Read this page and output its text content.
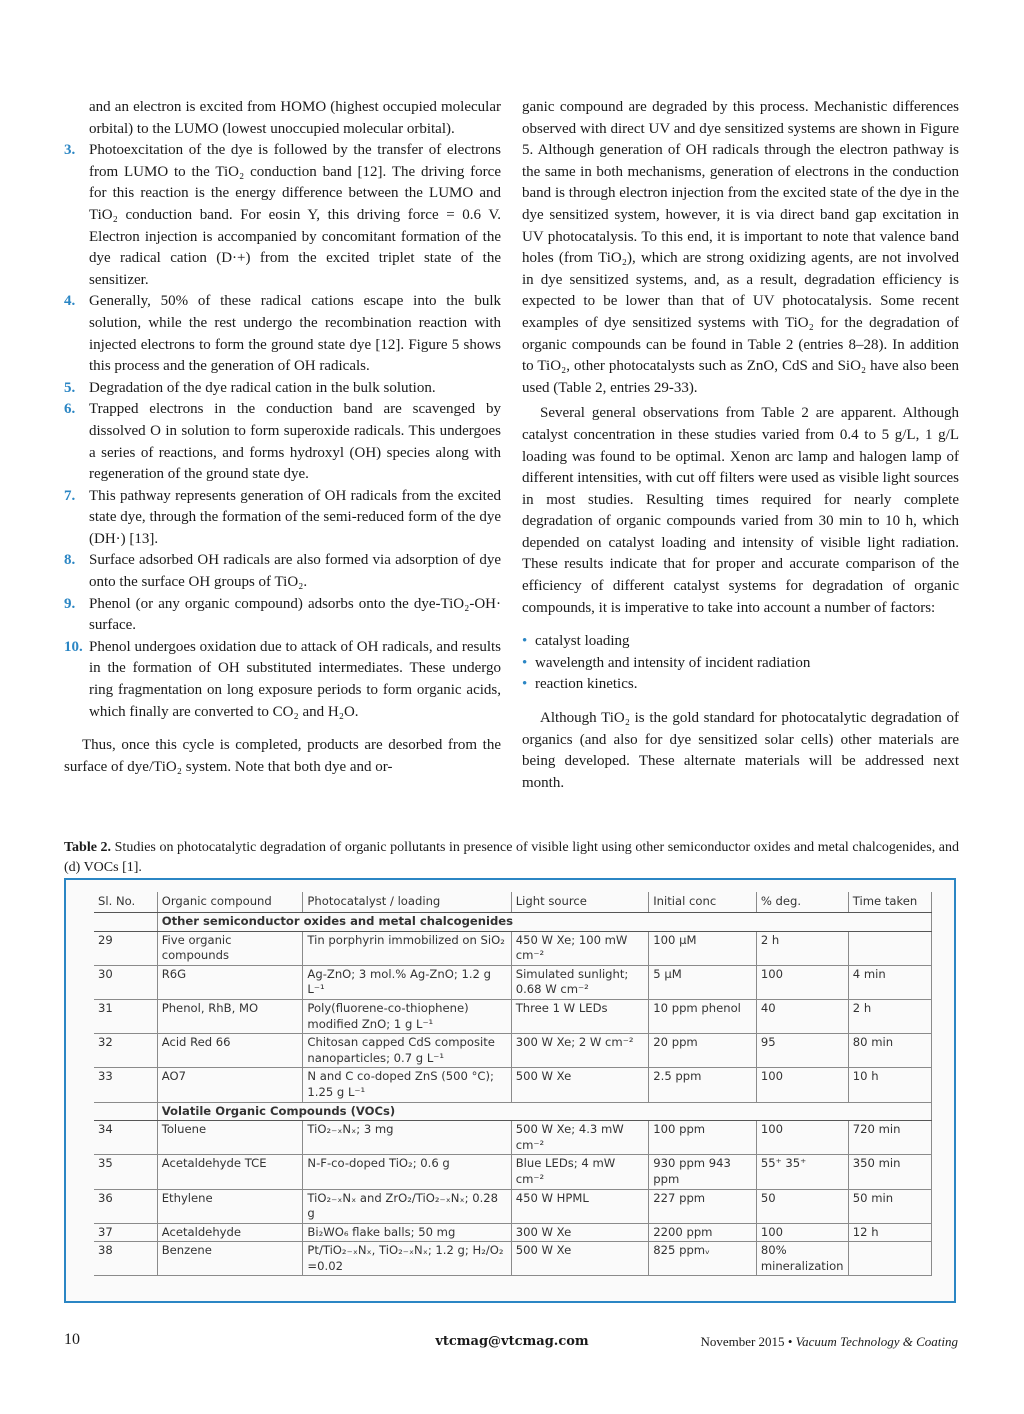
and an electron is excited from HOMO (highest occupied molecular orbital) to the LUMO (lowest unoccupied molecular orbital).
3. Photoexcitation of the dye is followed by the transfer of electrons from LUMO to the TiO₂ conduction band [12]. The driving force for this reaction is the energy difference between the LUMO and TiO₂ conduction band. For eosin Y, this driving force = 0.6 V. Electron injection is accompanied by concomitant formation of the dye radical cation (D·+) from the excited triplet state of the sensitizer.
4. Generally, 50% of these radical cations escape into the bulk solution, while the rest undergo the recombination reaction with injected electrons to form the ground state dye [12]. Figure 5 shows this process and the generation of OH radicals.
5. Degradation of the dye radical cation in the bulk solution.
6. Trapped electrons in the conduction band are scavenged by dissolved O in solution to form superoxide radicals. This undergoes a series of reactions, and forms hydroxyl (OH) species along with regeneration of the ground state dye.
7. This pathway represents generation of OH radicals from the excited state dye, through the formation of the semi-reduced form of the dye (DH·) [13].
8. Surface adsorbed OH radicals are also formed via adsorption of dye onto the surface OH groups of TiO₂.
9. Phenol (or any organic compound) adsorbs onto the dye-TiO₂-OH· surface.
10. Phenol undergoes oxidation due to attack of OH radicals, and results in the formation of OH substituted intermediates. These undergo ring fragmentation on long exposure periods to form organic acids, which finally are converted to CO₂ and H₂O.

Thus, once this cycle is completed, products are desorbed from the surface of dye/TiO₂ system. Note that both dye and or-

ganic compound are degraded by this process. Mechanistic differences observed with direct UV and dye sensitized systems are shown in Figure 5. Although generation of OH radicals through the electron pathway is the same in both mechanisms, generation of electrons in the conduction band is through electron injection from the excited state of the dye in the dye sensitized system, however, it is via direct band gap excitation in UV photocatalysis. To this end, it is important to note that valence band holes (from TiO₂), which are strong oxidizing agents, are not involved in dye sensitized systems, and, as a result, degradation efficiency is expected to be lower than that of UV photocatalysis. Some recent examples of dye sensitized systems with TiO₂ for the degradation of organic compounds can be found in Table 2 (entries 8–28). In addition to TiO₂, other photocatalysts such as ZnO, CdS and SiO₂ have also been used (Table 2, entries 29-33).

Several general observations from Table 2 are apparent. Although catalyst concentration in these studies varied from 0.4 to 5 g/L, 1 g/L loading was found to be optimal. Xenon arc lamp and halogen lamp of different intensities, with cut off filters were used as visible light sources in most studies. Resulting times required for nearly complete degradation of organic compounds varied from 30 min to 10 h, which depended on catalyst loading and intensity of visible light radiation. These results indicate that for proper and accurate comparison of the efficiency of different catalyst systems for degradation of organic compounds, it is imperative to take into account a number of factors:

• catalyst loading
• wavelength and intensity of incident radiation
• reaction kinetics.

Although TiO₂ is the gold standard for photocatalytic degradation of organics (and also for dye sensitized solar cells) other materials are being developed. These alternate materials will be addressed next month.

Table 2. Studies on photocatalytic degradation of organic pollutants in presence of visible light using other semiconductor oxides and metal chalcogenides, and (d) VOCs [1].
Sl. No.	Organic compound	Photocatalyst / loading	Light source	Initial conc	% deg.	Time taken
	Other semiconductor oxides and metal chalcogenides					
29	Five organic compounds	Tin porphyrin immobilized on SiO₂	450 W Xe; 100 mW cm⁻²	100 µM	2 h	
30	R6G	Ag-ZnO; 3 mol.% Ag-ZnO; 1.2 g L⁻¹	Simulated sunlight; 0.68 W cm⁻²	5 µM	100	4 min
31	Phenol, RhB, MO	Poly(fluorene-co-thiophene) modified ZnO; 1 g L⁻¹	Three 1 W LEDs	10 ppm phenol	40	2 h
32	Acid Red 66	Chitosan capped CdS composite nanoparticles; 0.7 g L⁻¹	300 W Xe; 2 W cm⁻²	20 ppm	95	80 min
33	AO7	N and C co-doped ZnS (500 °C); 1.25 g L⁻¹	500 W Xe	2.5 ppm	100	10 h
	Volatile Organic Compounds (VOCs)					
34	Toluene	TiO₂₋ₓNₓ; 3 mg	500 W Xe; 4.3 mW cm⁻²	100 ppm	100	720 min
35	Acetaldehyde TCE	N-F-co-doped TiO₂; 0.6 g	Blue LEDs; 4 mW cm⁻²	930 ppm 943 ppm	55⁺ 35⁺	350 min
36	Ethylene	TiO₂₋ₓNₓ and ZrO₂/TiO₂₋ₓNₓ; 0.28 g	450 W HPML	227 ppm	50	50 min
37	Acetaldehyde	Bi₂WO₆ flake balls; 50 mg	300 W Xe	2200 ppm	100	12 h
38	Benzene	Pt/TiO₂₋ₓNₓ, TiO₂₋ₓNₓ; 1.2 g; H₂/O₂ =0.02	500 W Xe	825 ppmᵥ	80% mineralization	
10	vtcmag@vtcmag.com	November 2015 • Vacuum Technology & Coating
